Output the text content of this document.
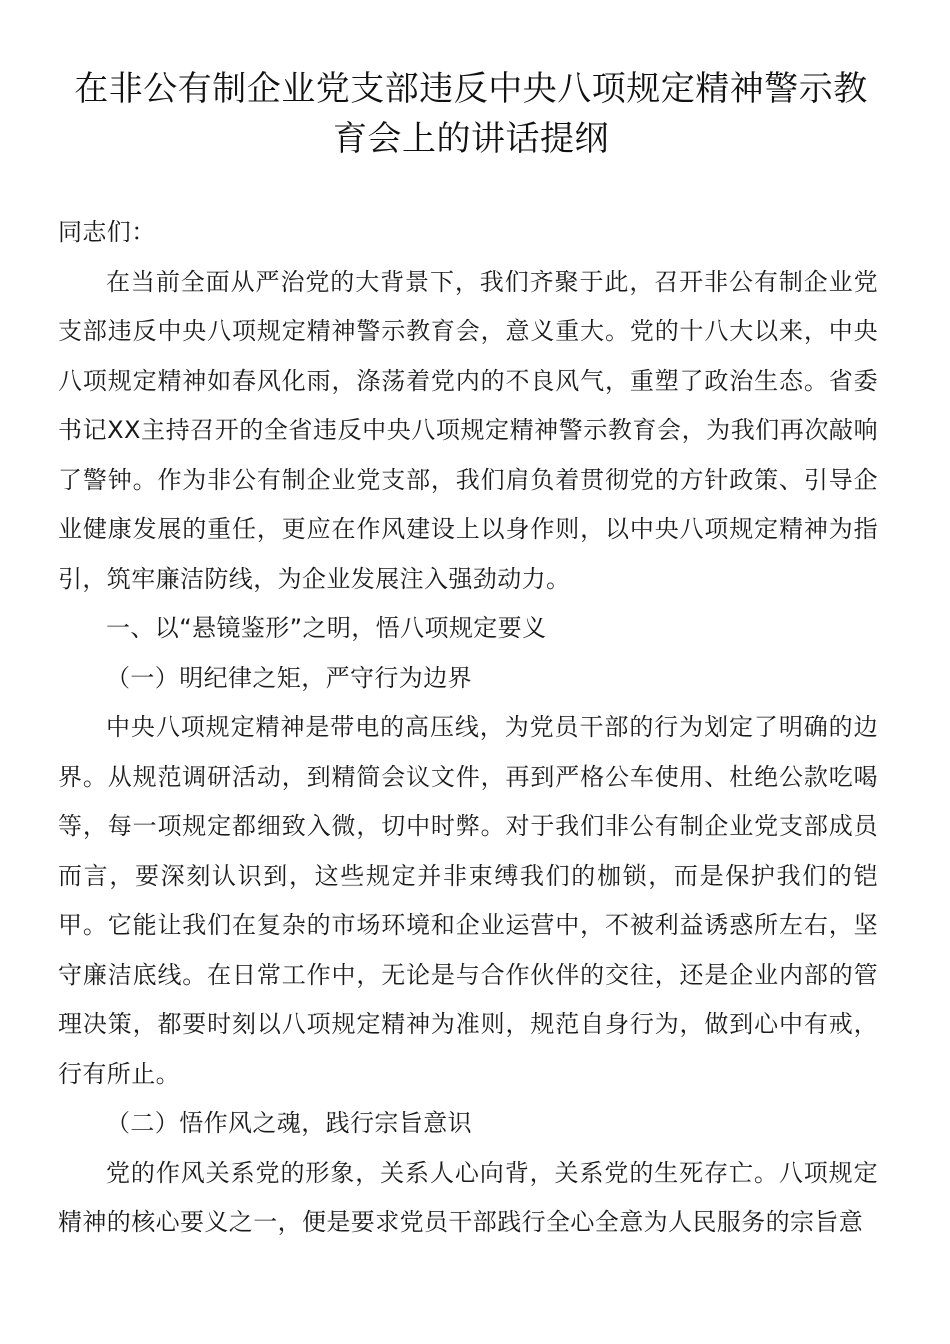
在非公有制企业党支部违反中央八项规定精神警示教育会上的讲话提纲

同志们：

在当前全面从严治党的大背景下，我们齐聚于此，召开非公有制企业党支部违反中央八项规定精神警示教育会，意义重大。党的十八大以来，中央八项规定精神如春风化雨，涤荡着党内的不良风气，重塑了政治生态。省委书记XX主持召开的全省违反中央八项规定精神警示教育会，为我们再次敲响了警钟。作为非公有制企业党支部，我们肩负着贯彻党的方针政策、引导企业健康发展的重任，更应在作风建设上以身作则，以中央八项规定精神为指引，筑牢廉洁防线，为企业发展注入强劲动力。

一、以“悬镜鉴形”之明，悟八项规定要义

（一）明纪律之矩，严守行为边界

中央八项规定精神是带电的高压线，为党员干部的行为划定了明确的边界。从规范调研活动，到精简会议文件，再到严格公车使用、杜绝公款吃喝等，每一项规定都细致入微，切中时弊。对于我们非公有制企业党支部成员而言，要深刻认识到，这些规定并非束缚我们的枷锁，而是保护我们的铠甲。它能让我们在复杂的市场环境和企业运营中，不被利益诱惑所左右，坚守廉洁底线。在日常工作中，无论是与合作伙伴的交往，还是企业内部的管理决策，都要时刻以八项规定精神为准则，规范自身行为，做到心中有戒，行有所止。

（二）悟作风之魂，践行宗旨意识

党的作风关系党的形象，关系人心向背，关系党的生死存亡。八项规定精神的核心要义之一，便是要求党员干部践行全心全意为人民服务的宗旨意
